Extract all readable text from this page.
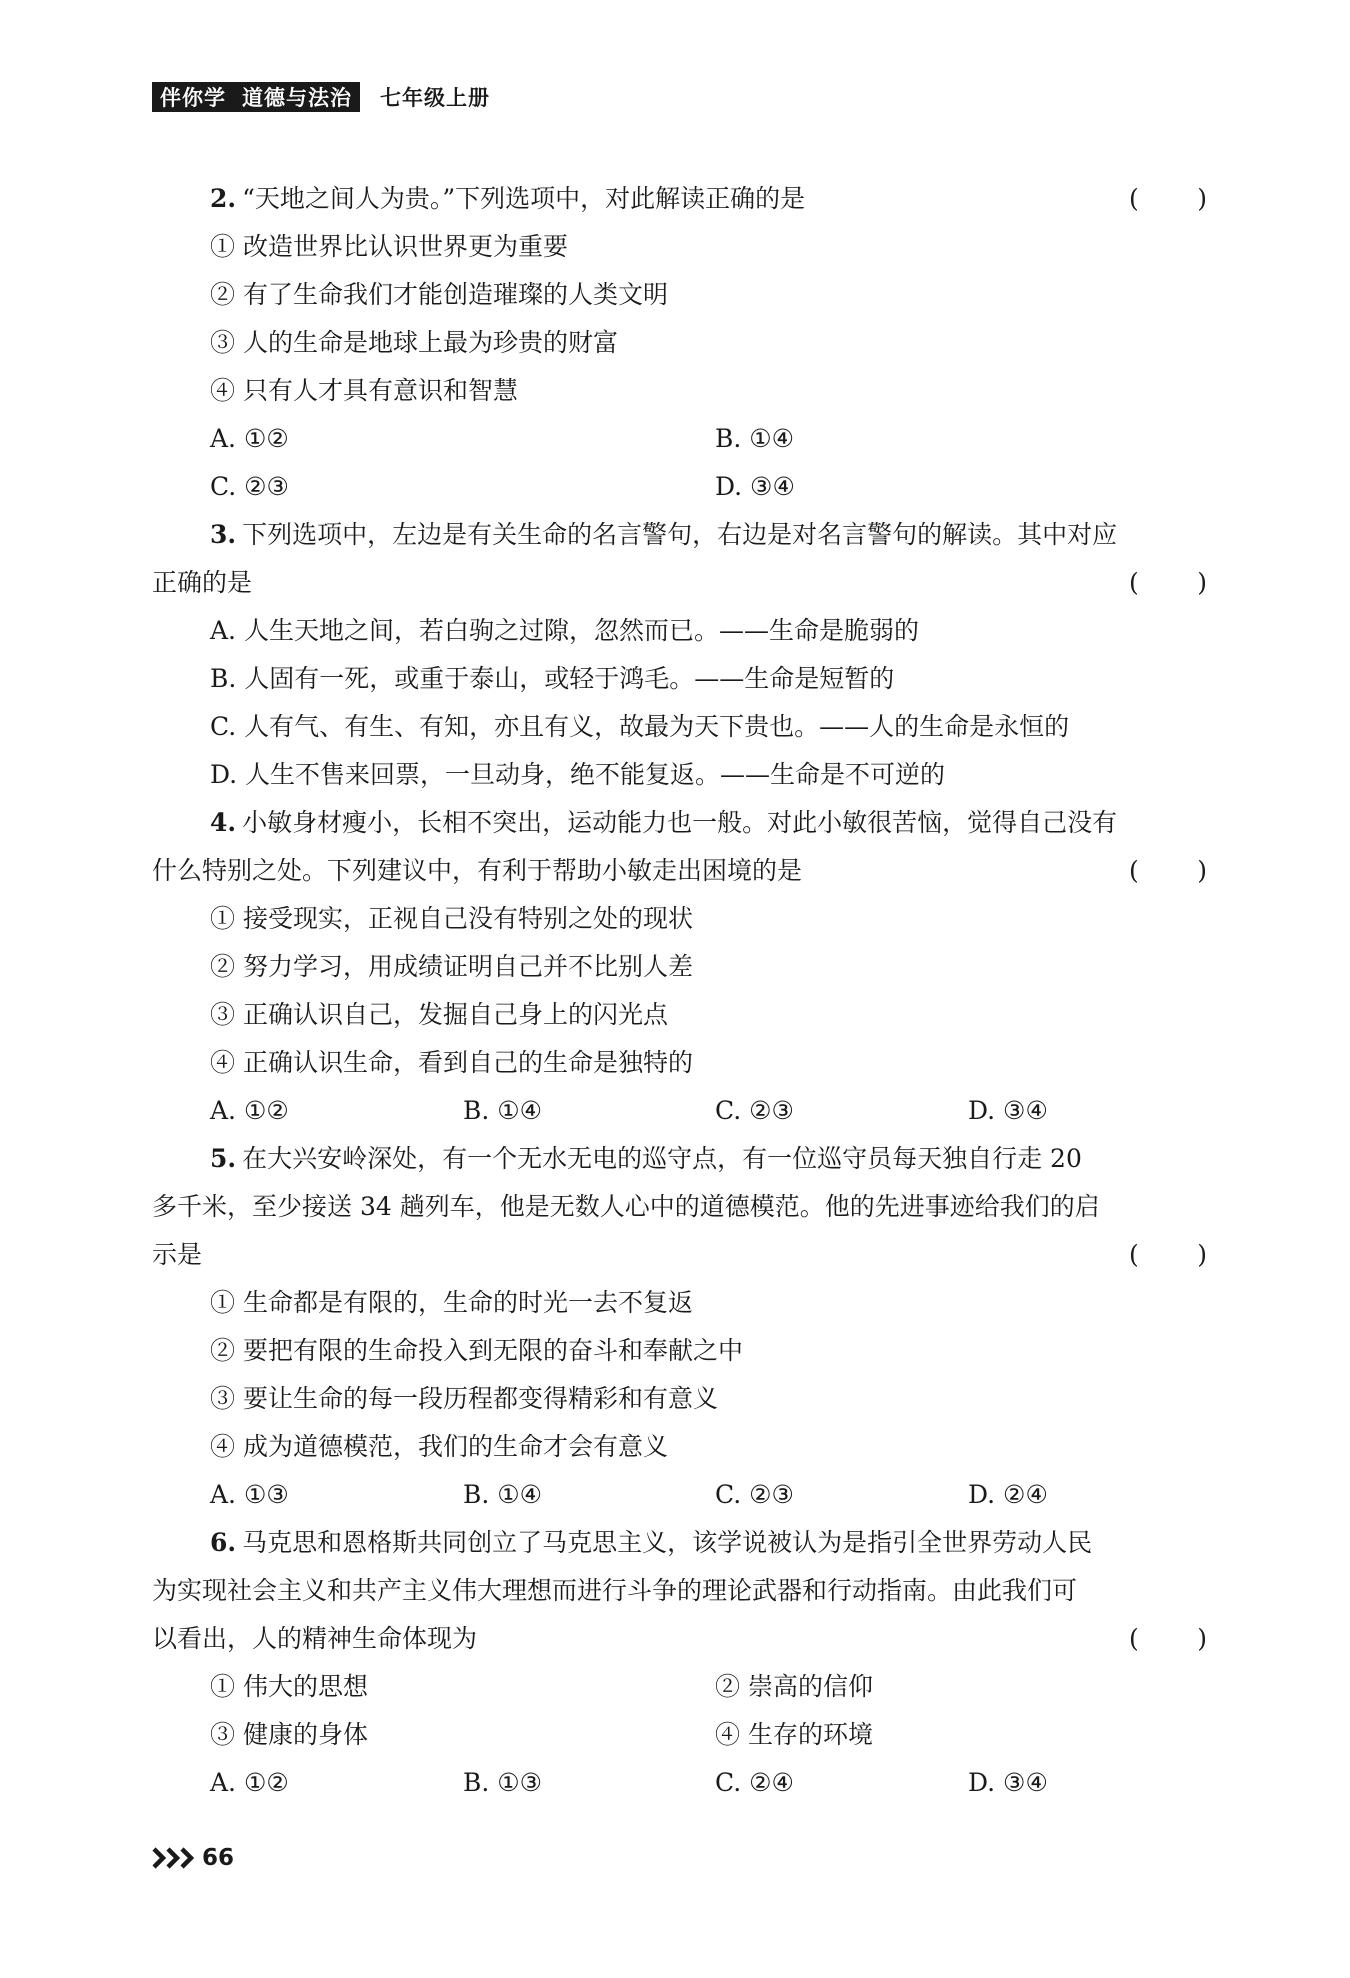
伴你学 道德与法治 七年级上册
2. “天地之间人为贵。”下列选项中，对此解读正确的是	( )
① 改造世界比认识世界更为重要
② 有了生命我们才能创造璀璨的人类文明
③ 人的生命是地球上最为珍贵的财富
④ 只有人才具有意识和智慧
A. ①②	B. ①④
C. ②③	D. ③④
3. 下列选项中，左边是有关生命的名言警句，右边是对名言警句的解读。其中对应
正确的是	( )
A. 人生天地之间，若白驹之过隙，忽然而已。——生命是脆弱的
B. 人固有一死，或重于泰山，或轻于鸿毛。——生命是短暂的
C. 人有气、有生、有知，亦且有义，故最为天下贵也。——人的生命是永恒的
D. 人生不售来回票，一旦动身，绝不能复返。——生命是不可逆的
4. 小敏身材瘦小，长相不突出，运动能力也一般。对此小敏很苦恼，觉得自己没有
什么特别之处。下列建议中，有利于帮助小敏走出困境的是	( )
① 接受现实，正视自己没有特别之处的现状
② 努力学习，用成绩证明自己并不比别人差
③ 正确认识自己，发掘自己身上的闪光点
④ 正确认识生命，看到自己的生命是独特的
A. ①②	B. ①④	C. ②③	D. ③④
5. 在大兴安岭深处，有一个无水无电的巡守点，有一位巡守员每天独自行走 20
多千米，至少接送 34 趟列车，他是无数人心中的道德模范。他的先进事迹给我们的启
示是	( )
① 生命都是有限的，生命的时光一去不复返
② 要把有限的生命投入到无限的奋斗和奉献之中
③ 要让生命的每一段历程都变得精彩和有意义
④ 成为道德模范，我们的生命才会有意义
A. ①③	B. ①④	C. ②③	D. ②④
6. 马克思和恩格斯共同创立了马克思主义，该学说被认为是指引全世界劳动人民
为实现社会主义和共产主义伟大理想而进行斗争的理论武器和行动指南。由此我们可
以看出，人的精神生命体现为	( )
① 伟大的思想	② 崇高的信仰
③ 健康的身体	④ 生存的环境
A. ①②	B. ①③	C. ②④	D. ③④
66
